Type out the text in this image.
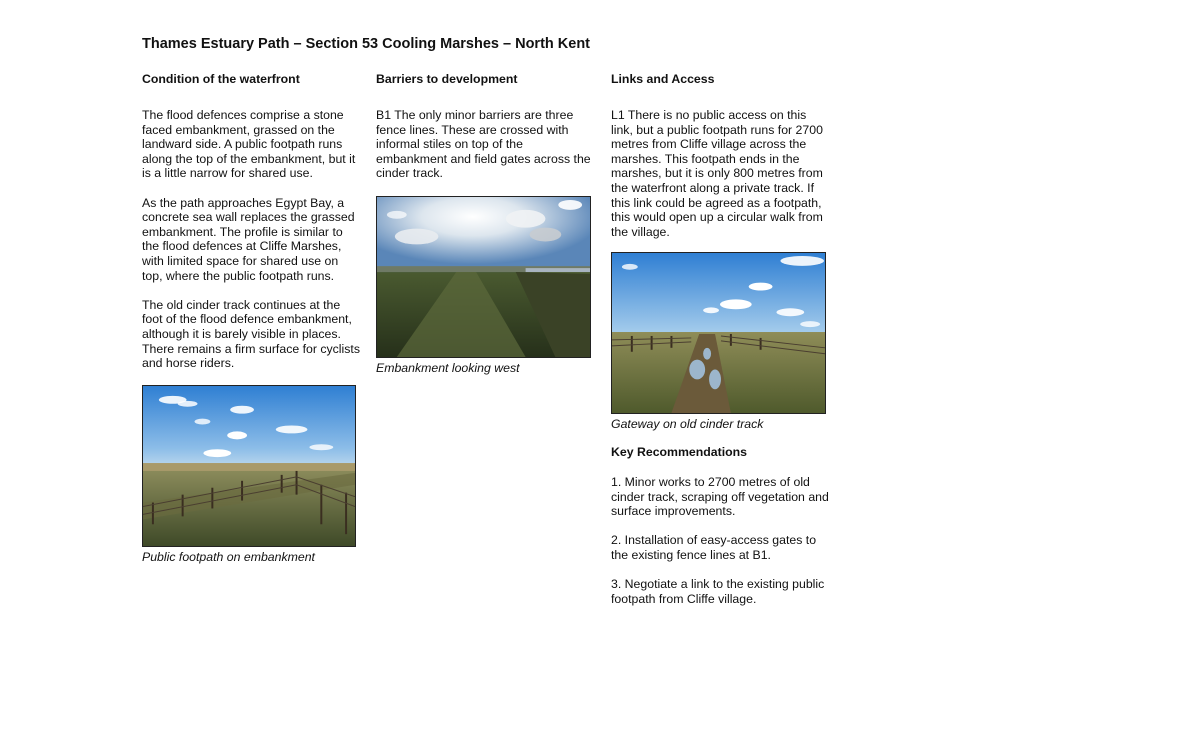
Thames Estuary Path – Section 53 Cooling Marshes – North Kent
Condition of the waterfront

The flood defences comprise a stone faced embankment, grassed on the landward side. A public footpath runs along the top of the embankment, but it is a little narrow for shared use.

As the path approaches Egypt Bay, a concrete sea wall replaces the grassed embankment. The profile is similar to the flood defences at Cliffe Marshes, with limited space for shared use on top, where the public footpath runs.

The old cinder track continues at the foot of the flood defence embankment, although it is barely visible in places. There remains a firm surface for cyclists and horse riders.

Public footpath on embankment
Barriers to development

B1 The only minor barriers are three fence lines. These are crossed with informal stiles on top of the embankment and field gates across the cinder track.

Embankment looking west
Links and Access

L1 There is no public access on this link, but a public footpath runs for 2700 metres from Cliffe village across the marshes. This footpath ends in the marshes, but it is only 800 metres from the waterfront along a private track. If this link could be agreed as a footpath, this would open up a circular walk from the village.

Gateway on old cinder track
Key Recommendations

1. Minor works to 2700 metres of old cinder track, scraping off vegetation and surface improvements.

2. Installation of easy-access gates to the existing fence lines at B1.

3. Negotiate a link to the existing public footpath from Cliffe village.
